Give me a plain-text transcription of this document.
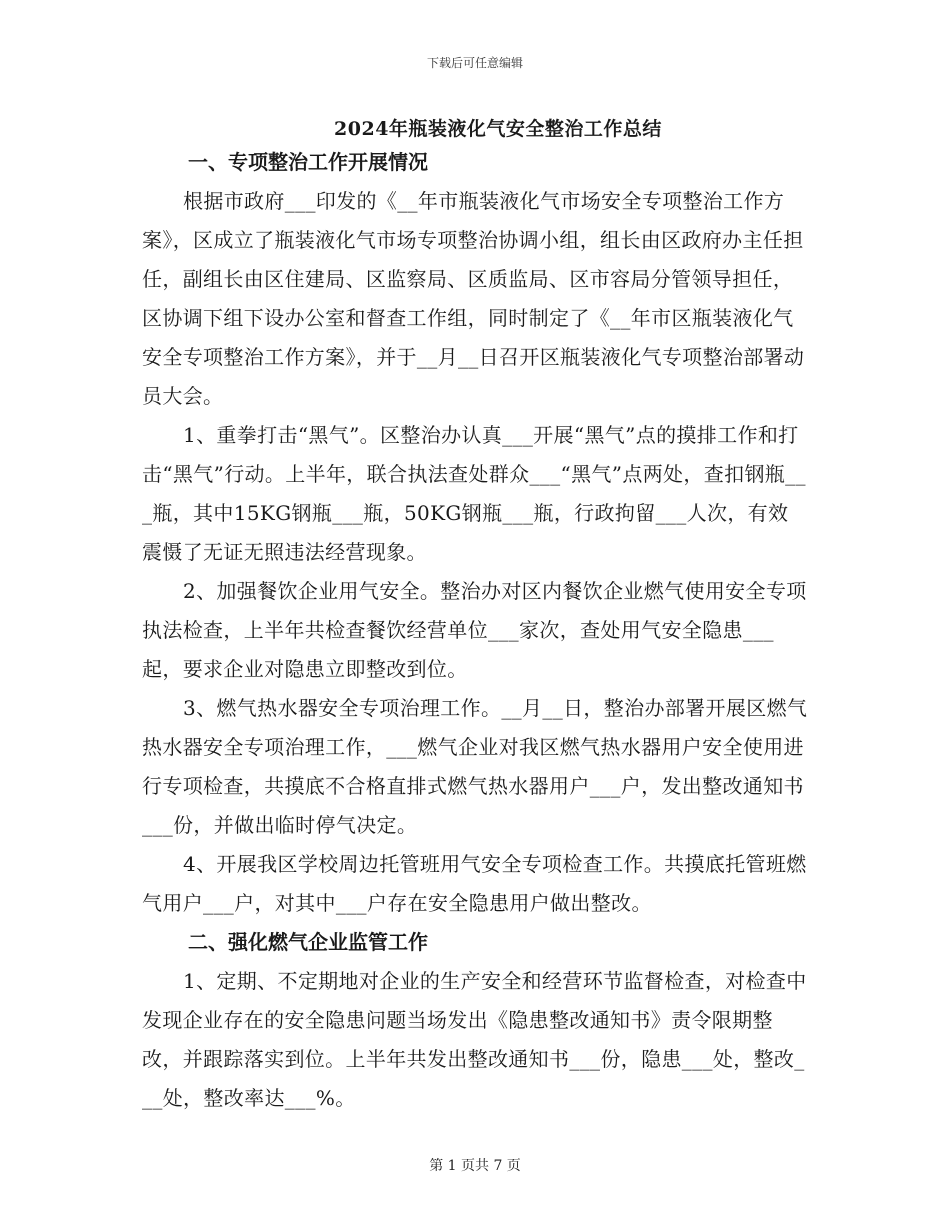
下载后可任意编辑
2024年瓶装液化气安全整治工作总结
一、专项整治工作开展情况

根据市政府___印发的《__年市瓶装液化气市场安全专项整治工作方案》，区成立了瓶装液化气市场专项整治协调小组，组长由区政府办主任担任，副组长由区住建局、区监察局、区质监局、区市容局分管领导担任，区协调下组下设办公室和督查工作组，同时制定了《__年市区瓶装液化气安全专项整治工作方案》，并于__月__日召开区瓶装液化气专项整治部署动员大会。

1、重拳打击“黑气”。区整治办认真___开展“黑气”点的摸排工作和打击“黑气”行动。上半年，联合执法查处群众___“黑气”点两处，查扣钢瓶___瓶，其中15KG钢瓶___瓶，50KG钢瓶___瓶，行政拘留___人次，有效震慑了无证无照违法经营现象。

2、加强餐饮企业用气安全。整治办对区内餐饮企业燃气使用安全专项执法检查，上半年共检查餐饮经营单位___家次，查处用气安全隐患___起，要求企业对隐患立即整改到位。

3、燃气热水器安全专项治理工作。__月__日，整治办部署开展区燃气热水器安全专项治理工作，___燃气企业对我区燃气热水器用户安全使用进行专项检查，共摸底不合格直排式燃气热水器用户___户，发出整改通知书___份，并做出临时停气决定。

4、开展我区学校周边托管班用气安全专项检查工作。共摸底托管班燃气用户___户，对其中___户存在安全隐患用户做出整改。

二、强化燃气企业监管工作

1、定期、不定期地对企业的生产安全和经营环节监督检查，对检查中发现企业存在的安全隐患问题当场发出《隐患整改通知书》责令限期整改，并跟踪落实到位。上半年共发出整改通知书___份，隐患___处，整改___处，整改率达___%。

第 1 页共 7 页
